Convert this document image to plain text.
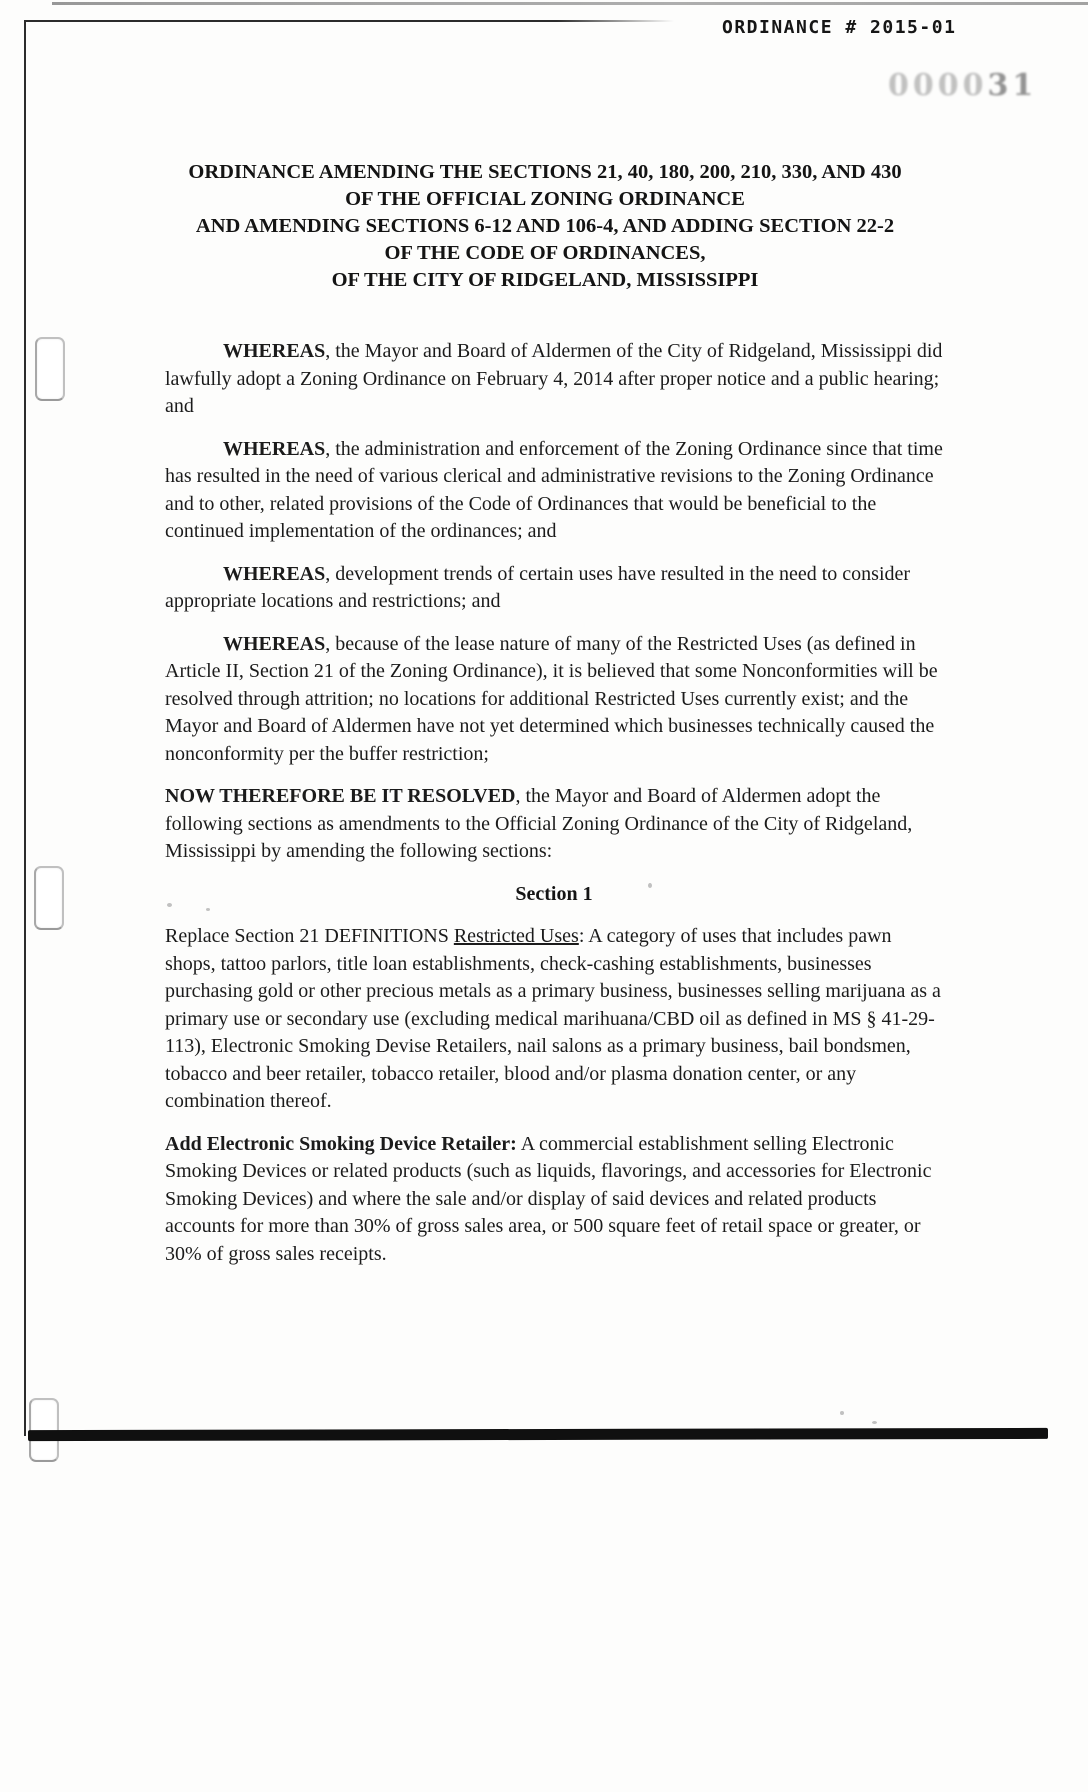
ORDINANCE # 2015-01
000031
ORDINANCE AMENDING THE SECTIONS 21, 40, 180, 200, 210, 330, AND 430
OF THE OFFICIAL ZONING ORDINANCE
AND AMENDING SECTIONS 6-12 AND 106-4, AND ADDING SECTION 22-2
OF THE CODE OF ORDINANCES,
OF THE CITY OF RIDGELAND, MISSISSIPPI

WHEREAS, the Mayor and Board of Aldermen of the City of Ridgeland, Mississippi did lawfully adopt a Zoning Ordinance on February 4, 2014 after proper notice and a public hearing; and

WHEREAS, the administration and enforcement of the Zoning Ordinance since that time has resulted in the need of various clerical and administrative revisions to the Zoning Ordinance and to other, related provisions of the Code of Ordinances that would be beneficial to the continued implementation of the ordinances; and

WHEREAS, development trends of certain uses have resulted in the need to consider appropriate locations and restrictions; and

WHEREAS, because of the lease nature of many of the Restricted Uses (as defined in Article II, Section 21 of the Zoning Ordinance), it is believed that some Nonconformities will be resolved through attrition; no locations for additional Restricted Uses currently exist; and the Mayor and Board of Aldermen have not yet determined which businesses technically caused the nonconformity per the buffer restriction;

NOW THEREFORE BE IT RESOLVED, the Mayor and Board of Aldermen adopt the following sections as amendments to the Official Zoning Ordinance of the City of Ridgeland, Mississippi by amending the following sections:

Section 1

Replace Section 21 DEFINITIONS Restricted Uses: A category of uses that includes pawn shops, tattoo parlors, title loan establishments, check-cashing establishments, businesses purchasing gold or other precious metals as a primary business, businesses selling marijuana as a primary use or secondary use (excluding medical marihuana/CBD oil as defined in MS § 41-29-113), Electronic Smoking Devise Retailers, nail salons as a primary business, bail bondsmen, tobacco and beer retailer, tobacco retailer, blood and/or plasma donation center, or any combination thereof.

Add Electronic Smoking Device Retailer: A commercial establishment selling Electronic Smoking Devices or related products (such as liquids, flavorings, and accessories for Electronic Smoking Devices) and where the sale and/or display of said devices and related products accounts for more than 30% of gross sales area, or 500 square feet of retail space or greater, or 30% of gross sales receipts.
